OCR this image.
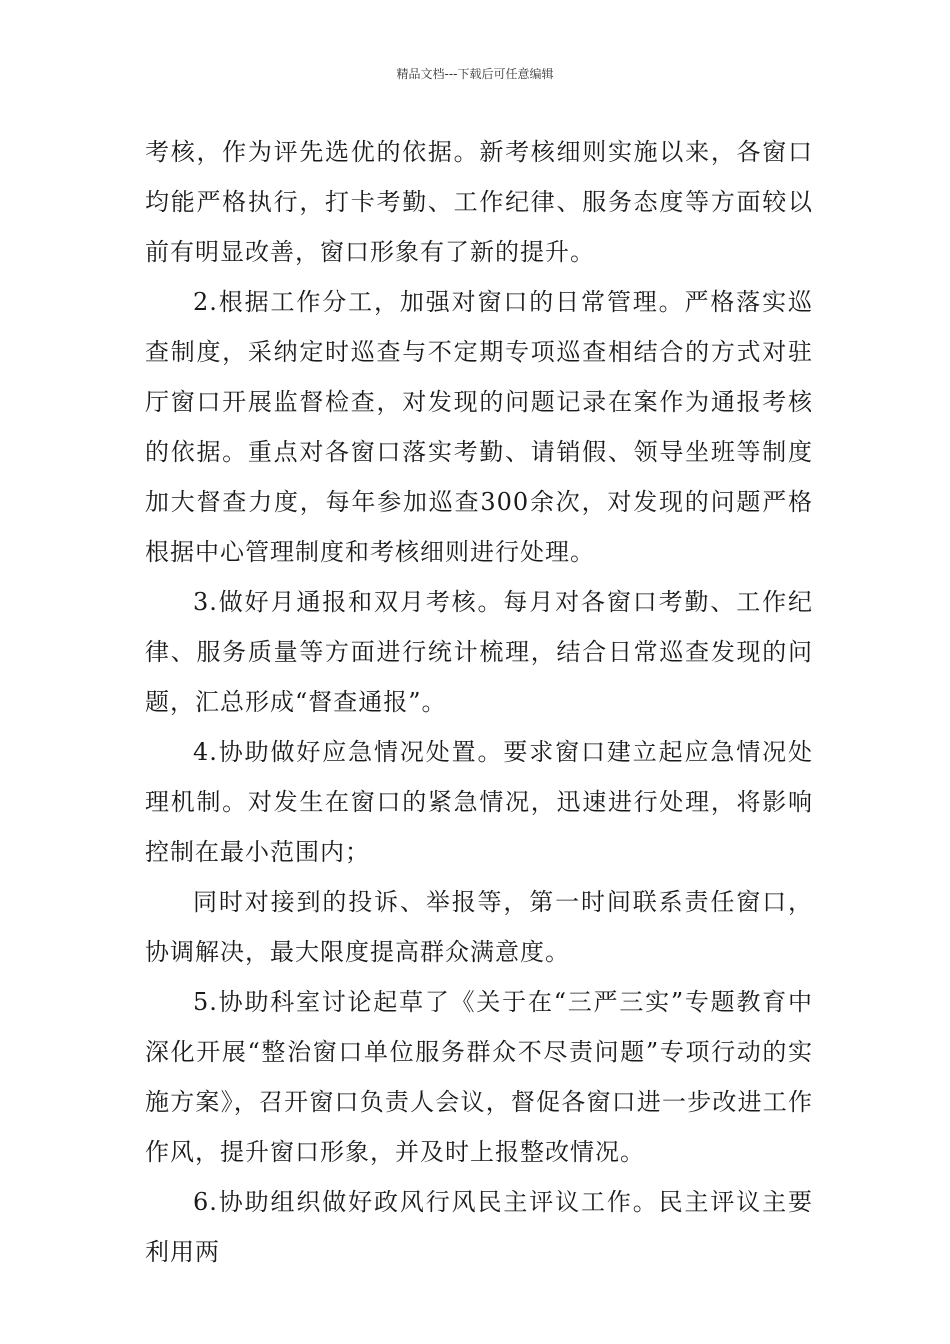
精品文档---下载后可任意编辑

考核，作为评先选优的依据。新考核细则实施以来，各窗口均能严格执行，打卡考勤、工作纪律、服务态度等方面较以前有明显改善，窗口形象有了新的提升。

2.根据工作分工，加强对窗口的日常管理。严格落实巡查制度，采纳定时巡查与不定期专项巡查相结合的方式对驻厅窗口开展监督检查，对发现的问题记录在案作为通报考核的依据。重点对各窗口落实考勤、请销假、领导坐班等制度加大督查力度，每年参加巡查300余次，对发现的问题严格根据中心管理制度和考核细则进行处理。

3.做好月通报和双月考核。每月对各窗口考勤、工作纪律、服务质量等方面进行统计梳理，结合日常巡查发现的问题，汇总形成“督查通报”。

4.协助做好应急情况处置。要求窗口建立起应急情况处理机制。对发生在窗口的紧急情况，迅速进行处理，将影响控制在最小范围内；

同时对接到的投诉、举报等，第一时间联系责任窗口，协调解决，最大限度提高群众满意度。

5.协助科室讨论起草了《关于在“三严三实”专题教育中深化开展“整治窗口单位服务群众不尽责问题”专项行动的实施方案》，召开窗口负责人会议，督促各窗口进一步改进工作作风，提升窗口形象，并及时上报整改情况。

6.协助组织做好政风行风民主评议工作。民主评议主要利用两
